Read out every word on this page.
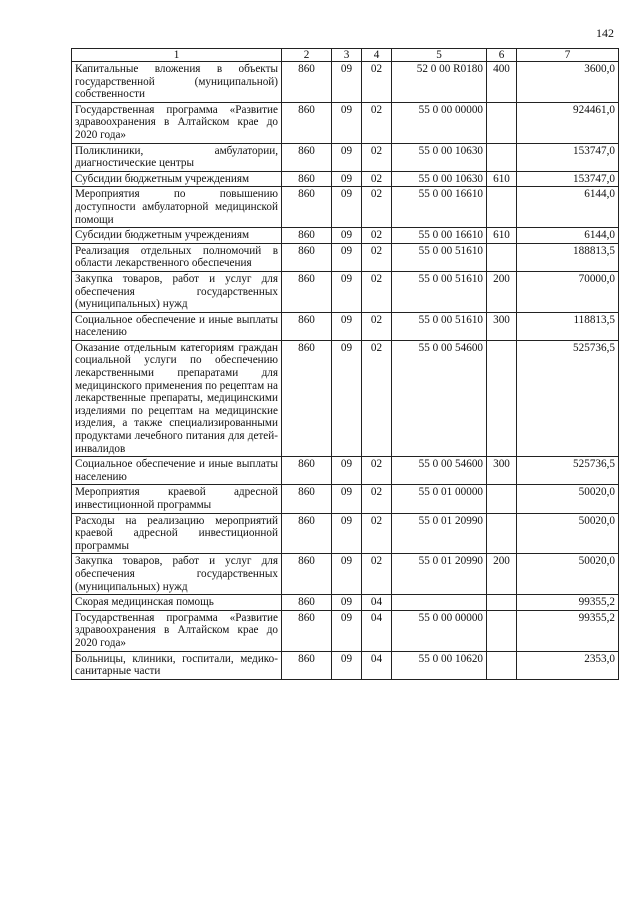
142
1	2	3	4	5	6	7
Капитальные вложения в объекты государственной (муниципальной) собственности	860	09	02	52 0 00 R0180	400	3600,0
Государственная программа «Развитие здравоохранения в Алтайском крае до 2020 года»	860	09	02	55 0 00 00000		924461,0
Поликлиники, амбулатории, диагностические центры	860	09	02	55 0 00 10630		153747,0
Субсидии бюджетным учреждениям	860	09	02	55 0 00 10630	610	153747,0
Мероприятия по повышению доступности амбулаторной медицинской помощи	860	09	02	55 0 00 16610		6144,0
Субсидии бюджетным учреждениям	860	09	02	55 0 00 16610	610	6144,0
Реализация отдельных полномочий в области лекарственного обеспечения	860	09	02	55 0 00 51610		188813,5
Закупка товаров, работ и услуг для обеспечения государственных (муниципальных) нужд	860	09	02	55 0 00 51610	200	70000,0
Социальное обеспечение и иные выплаты населению	860	09	02	55 0 00 51610	300	118813,5
Оказание отдельным категориям граждан социальной услуги по обеспечению лекарственными препаратами для медицинского применения по рецептам на лекарственные препараты, медицинскими изделиями по рецептам на медицинские изделия, а также специализированными продуктами лечебного питания для детей-инвалидов	860	09	02	55 0 00 54600		525736,5
Социальное обеспечение и иные выплаты населению	860	09	02	55 0 00 54600	300	525736,5
Мероприятия краевой адресной инвестиционной программы	860	09	02	55 0 01 00000		50020,0
Расходы на реализацию мероприятий краевой адресной инвестиционной программы	860	09	02	55 0 01 20990		50020,0
Закупка товаров, работ и услуг для обеспечения государственных (муниципальных) нужд	860	09	02	55 0 01 20990	200	50020,0
Скорая медицинская помощь	860	09	04			99355,2
Государственная программа «Развитие здравоохранения в Алтайском крае до 2020 года»	860	09	04	55 0 00 00000		99355,2
Больницы, клиники, госпитали, медико-санитарные части	860	09	04	55 0 00 10620		2353,0
